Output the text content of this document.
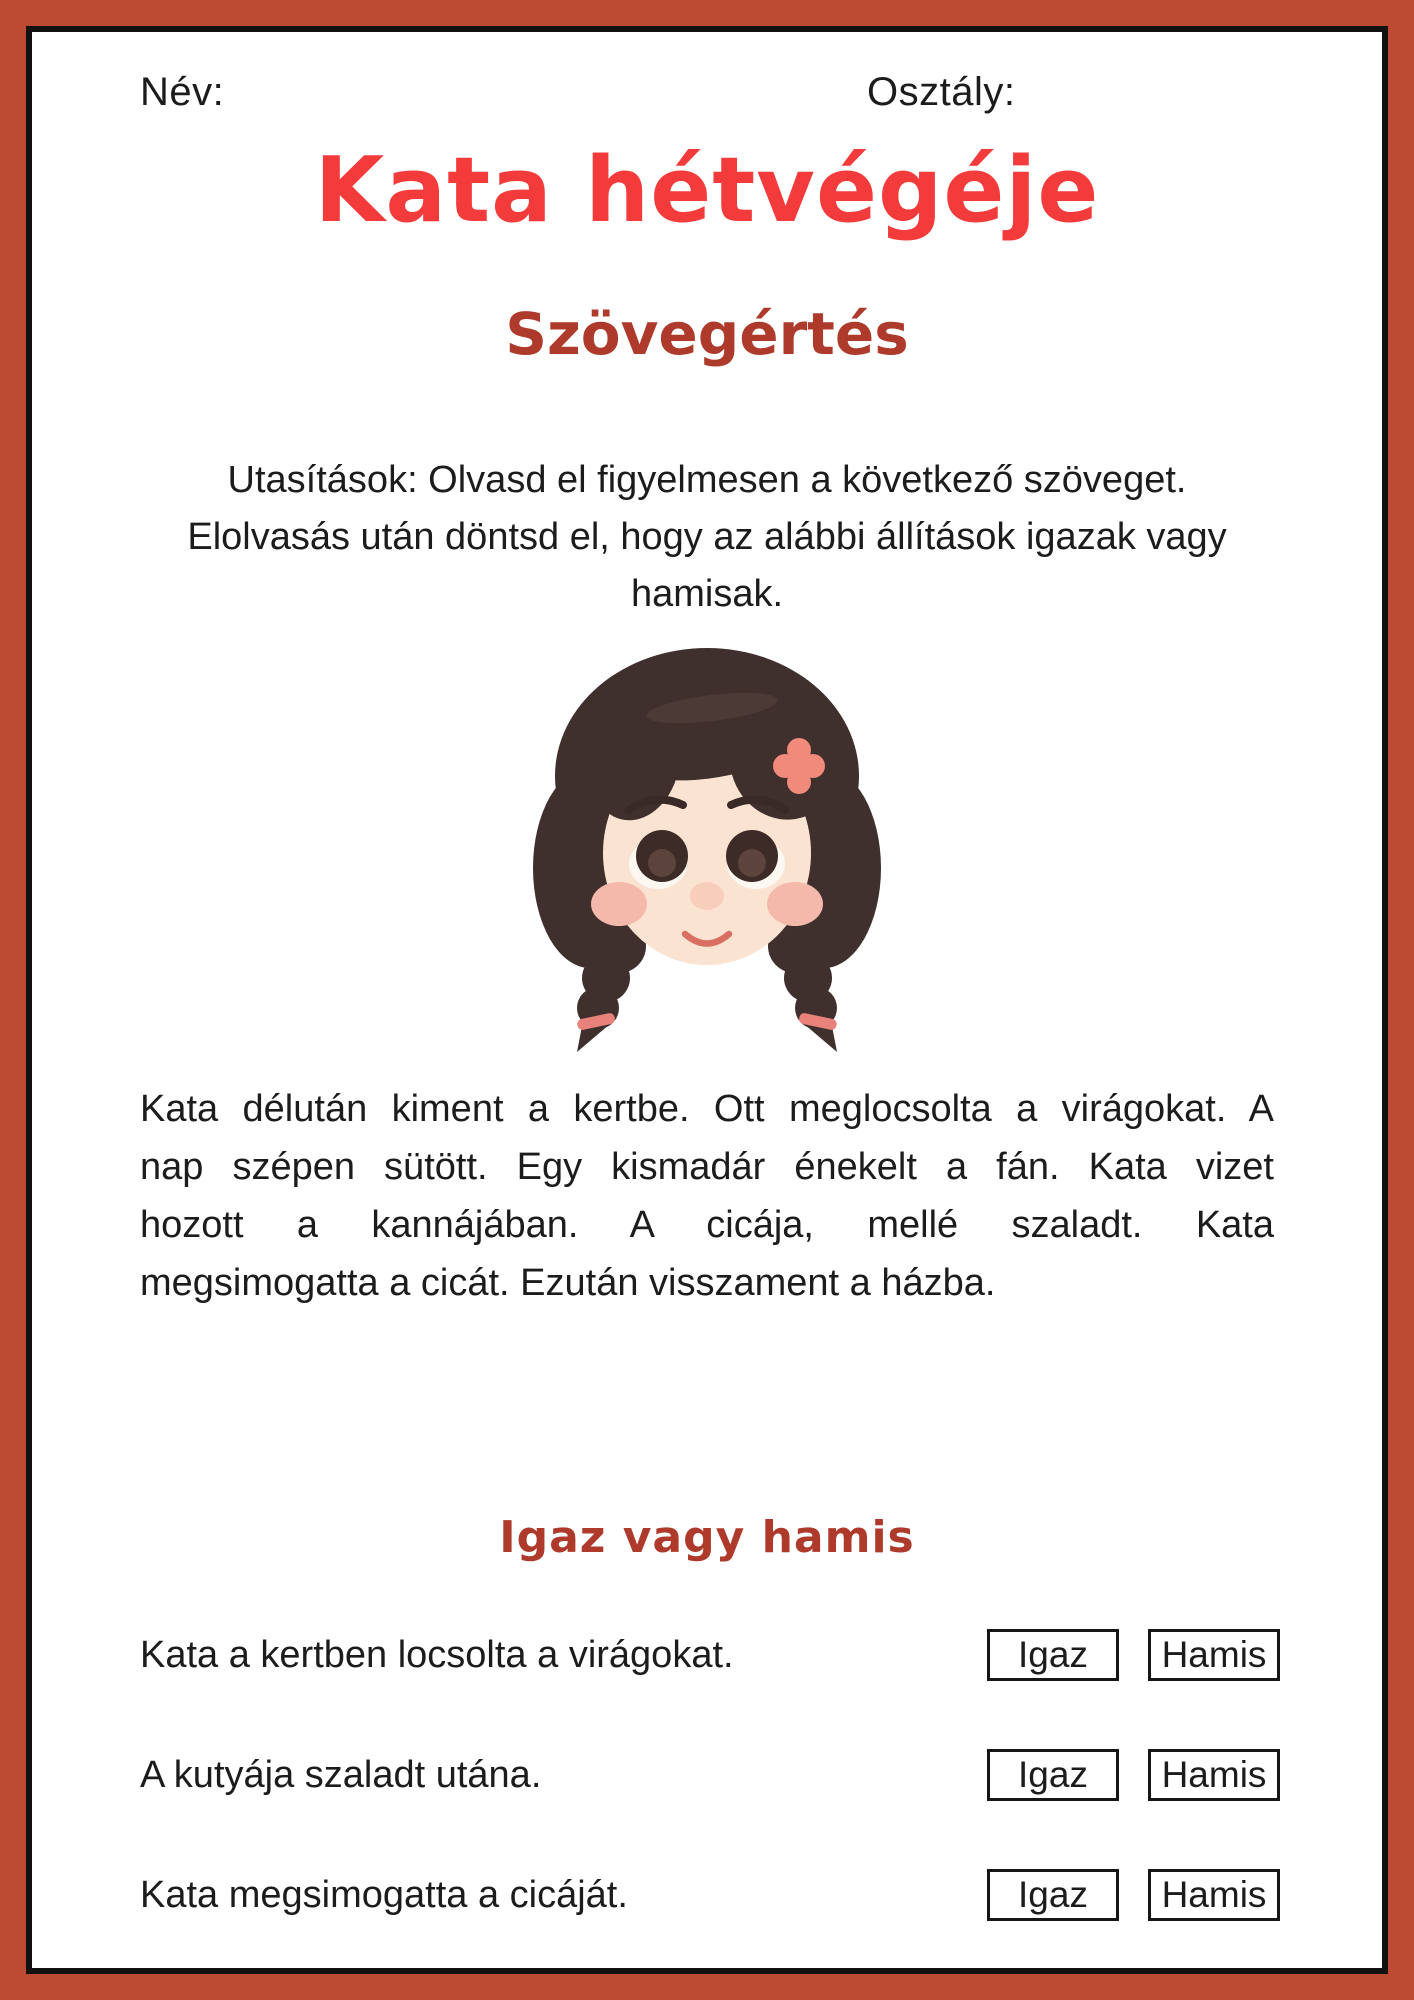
Név:	Osztály:
Kata hétvégéje
Szövegértés
Utasítások: Olvasd el figyelmesen a következő szöveget.
Elolvasás után döntsd el, hogy az alábbi állítások igazak vagy
hamisak.
Kata délután kiment a kertbe. Ott meglocsolta a virágokat. A
nap szépen sütött. Egy kismadár énekelt a fán. Kata vizet
hozott a kannájában. A cicája, mellé szaladt. Kata
megsimogatta a cicát. Ezután visszament a házba.
Igaz vagy hamis
Kata a kertben locsolta a virágokat.	Igaz	Hamis
A kutyája szaladt utána.	Igaz	Hamis
Kata megsimogatta a cicáját.	Igaz	Hamis
